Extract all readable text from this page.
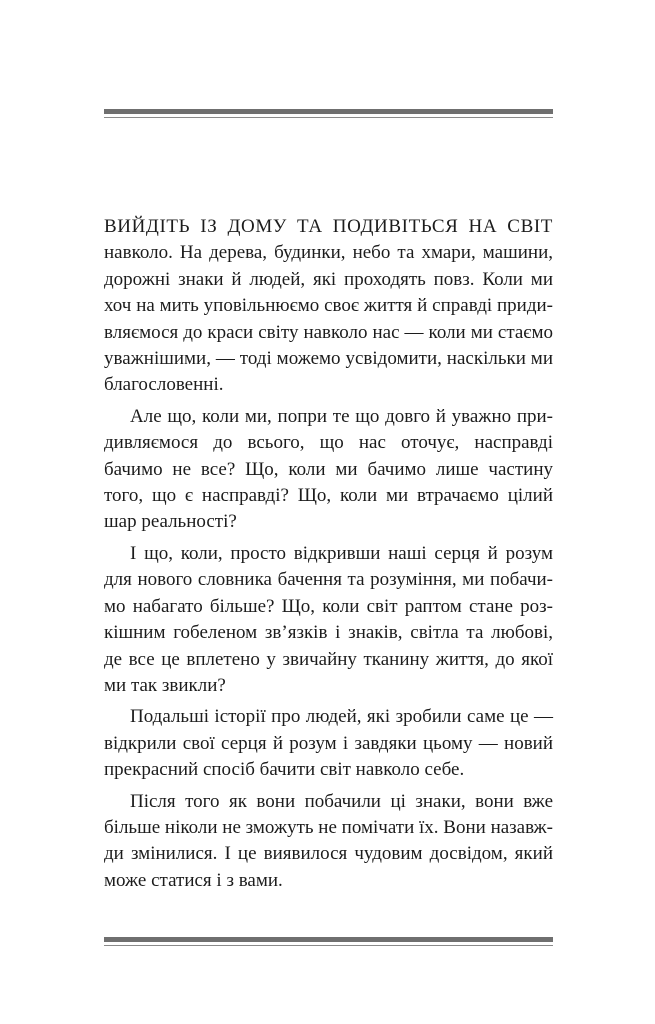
ВИЙДІТЬ ІЗ ДОМУ ТА ПОДИВІТЬСЯ НА СВІТ навколо. На дерева, будинки, небо та хмари, машини, дорожні знаки й людей, які проходять повз. Коли ми хоч на мить уповільнюємо своє життя й справді придивляємося до краси світу навколо нас — коли ми стаємо уважнішими, — тоді можемо усвідомити, наскільки ми благословенні.

Але що, коли ми, попри те що довго й уважно придивляємося до всього, що нас оточує, насправді бачимо не все? Що, коли ми бачимо лише частину того, що є насправді? Що, коли ми втрачаємо цілий шар реальності?

І що, коли, просто відкривши наші серця й розум для нового словника бачення та розуміння, ми побачимо набагато більше? Що, коли світ раптом стане розкішним гобеленом зв’язків і знаків, світла та любові, де все це вплетено у звичайну тканину життя, до якої ми так звикли?

Подальші історії про людей, які зробили саме це — відкрили свої серця й розум і завдяки цьому — новий прекрасний спосіб бачити світ навколо себе.

Після того як вони побачили ці знаки, вони вже більше ніколи не зможуть не помічати їх. Вони назавжди змінилися. І це виявилося чудовим досвідом, який може статися і з вами.
